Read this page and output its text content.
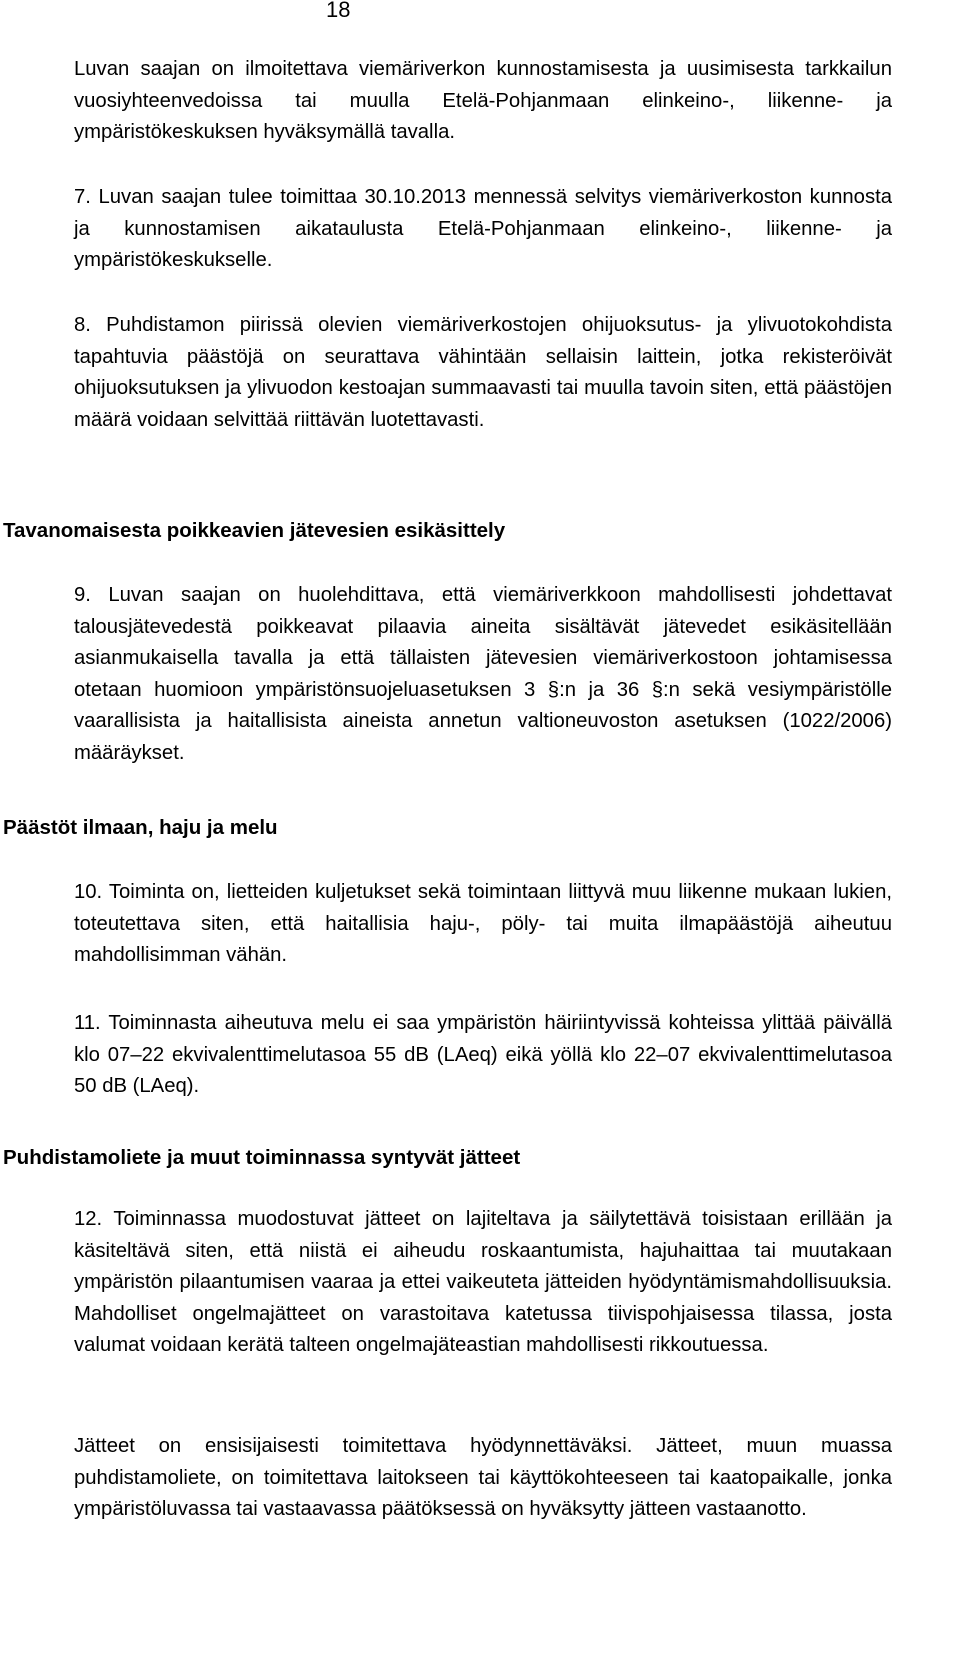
18

Luvan saajan on ilmoitettava viemäriverkon kunnostamisesta ja uusimisesta tarkkailun vuosiyhteenvedoissa tai muulla Etelä-Pohjanmaan elinkeino-, liikenne- ja ympäristökeskuksen hyväksymällä tavalla.

7. Luvan saajan tulee toimittaa 30.10.2013 mennessä selvitys viemäriverkoston kunnosta ja kunnostamisen aikataulusta Etelä-Pohjanmaan elinkeino-, liikenne- ja ympäristökeskukselle.

8. Puhdistamon piirissä olevien viemäriverkostojen ohijuoksutus- ja ylivuotokohdista tapahtuvia päästöjä on seurattava vähintään sellaisin laittein, jotka rekisteröivät ohijuoksutuksen ja ylivuodon kestoajan summaavasti tai muulla tavoin siten, että päästöjen määrä voidaan selvittää riittävän luotettavasti.

Tavanomaisesta poikkeavien jätevesien esikäsittely

9. Luvan saajan on huolehdittava, että viemäriverkkoon mahdollisesti johdettavat talousjätevedestä poikkeavat pilaavia aineita sisältävät jätevedet esikäsitellään asianmukaisella tavalla ja että tällaisten jätevesien viemäriverkostoon johtamisessa otetaan huomioon ympäristönsuojeluasetuksen 3 §:n ja 36 §:n sekä vesiympäristölle vaarallisista ja haitallisista aineista annetun valtioneuvoston asetuksen (1022/2006) määräykset.

Päästöt ilmaan, haju ja melu

10. Toiminta on, lietteiden kuljetukset sekä toimintaan liittyvä muu liikenne mukaan lukien, toteutettava siten, että haitallisia haju-, pöly- tai muita ilmapäästöjä aiheutuu mahdollisimman vähän.

11. Toiminnasta aiheutuva melu ei saa ympäristön häiriintyvissä kohteissa ylittää päivällä klo 07–22 ekvivalenttimelutasoa 55 dB (LAeq) eikä yöllä klo 22–07 ekvivalenttimelutasoa 50 dB (LAeq).

Puhdistamoliete ja muut toiminnassa syntyvät jätteet

12. Toiminnassa muodostuvat jätteet on lajiteltava ja säilytettävä toisistaan erillään ja käsiteltävä siten, että niistä ei aiheudu roskaantumista, hajuhaittaa tai muutakaan ympäristön pilaantumisen vaaraa ja ettei vaikeuteta jätteiden hyödyntämismahdollisuuksia. Mahdolliset ongelmajätteet on varastoitava katetussa tiivispohjaisessa tilassa, josta valumat voidaan kerätä talteen ongelmajäteastian mahdollisesti rikkoutuessa.

Jätteet on ensisijaisesti toimitettava hyödynnettäväksi. Jätteet, muun muassa puhdistamoliete, on toimitettava laitokseen tai käyttökohteeseen tai kaatopaikalle, jonka ympäristöluvassa tai vastaavassa päätöksessä on hyväksytty jätteen vastaanotto.
